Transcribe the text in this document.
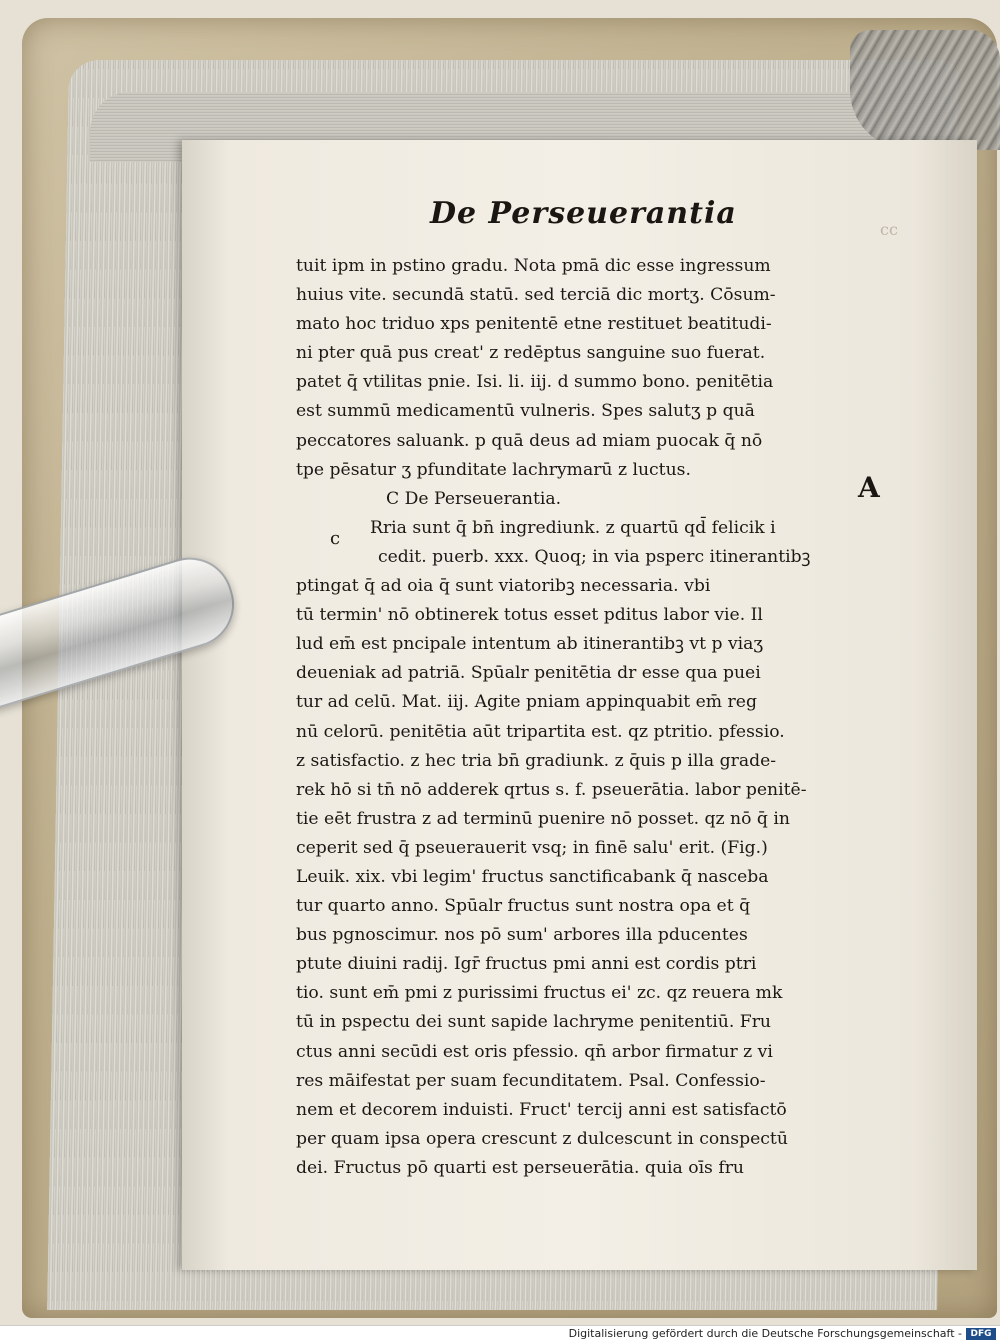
cc
De Perseuerantia
tuit ipm in pstino gradu. Nota pmā dic esse ingressum
huius vite. secundā statū. sed terciā dic mortʒ. Cōsum-
mato hoc triduo xps penitentē etne restituet beatitudi-
ni pter quā pus creat' z redēptus sanguine suo fuerat.
patet q̄ vtilitas pnie. Isi. li. iij. d summo bono. penitētia
est summū medicamentū vulneris. Spes salutʒ p quā
peccatores saluank. p quā deus ad miam puocak q̄ nō
tpe pēsatur ʒ pfunditate lachrymarū z luctus.
C De Perseuerantia.
Rria sunt q̄ bn̄ ingrediunk. z quartū qd̄ felicik i
cedit. puerb. xxx. Quoq; in via psperc itinerantibꝫ
ptingat q̄ ad oia q̄ sunt viatoribꝫ necessaria. vbi
tū termin' nō obtinerek totus esset pditus labor vie. Il
lud em̄ est pncipale intentum ab itinerantibꝫ vt p viaʒ
deueniak ad patriā. Spūalr penitētia dr esse qua puei
tur ad celū. Mat. iij. Agite pniam appinquabit em̄ reg
nū celorū. penitētia aūt tripartita est. qz ptritio. pfessio.
z satisfactio. z hec tria bn̄ gradiunk. z q̄uis p illa grade-
rek hō si tn̄ nō adderek qrtus s. f. pseuerātia. labor penitē-
tie eēt frustra z ad terminū puenire nō posset. qz nō q̄ in
ceperit sed q̄ pseuerauerit vsq; in finē salu' erit. (Fig.)
Leuik. xix. vbi legim' fructus sanctificabank q̄ nasceba
tur quarto anno. Spūalr fructus sunt nostra opa et q̄
bus pgnoscimur. nos pō sum' arbores illa pducentes
ptute diuini radij. Igr̄ fructus pmi anni est cordis ptri
tio. sunt em̄ pmi z purissimi fructus ei' zc. qz reuera mk
tū in pspectu dei sunt sapide lachryme penitentiū. Fru
ctus anni secūdi est oris pfessio. qn̄ arbor firmatur z vi
res māifestat per suam fecunditatem. Psal. Confessio-
nem et decorem induisti. Fruct' tercij anni est satisfactō
per quam ipsa opera crescunt z dulcescunt in conspectū
dei. Fructus pō quarti est perseuerātia. quia oīs fru
A
c
Digitalisierung gefördert durch die Deutsche Forschungsgemeinschaft - DFG
